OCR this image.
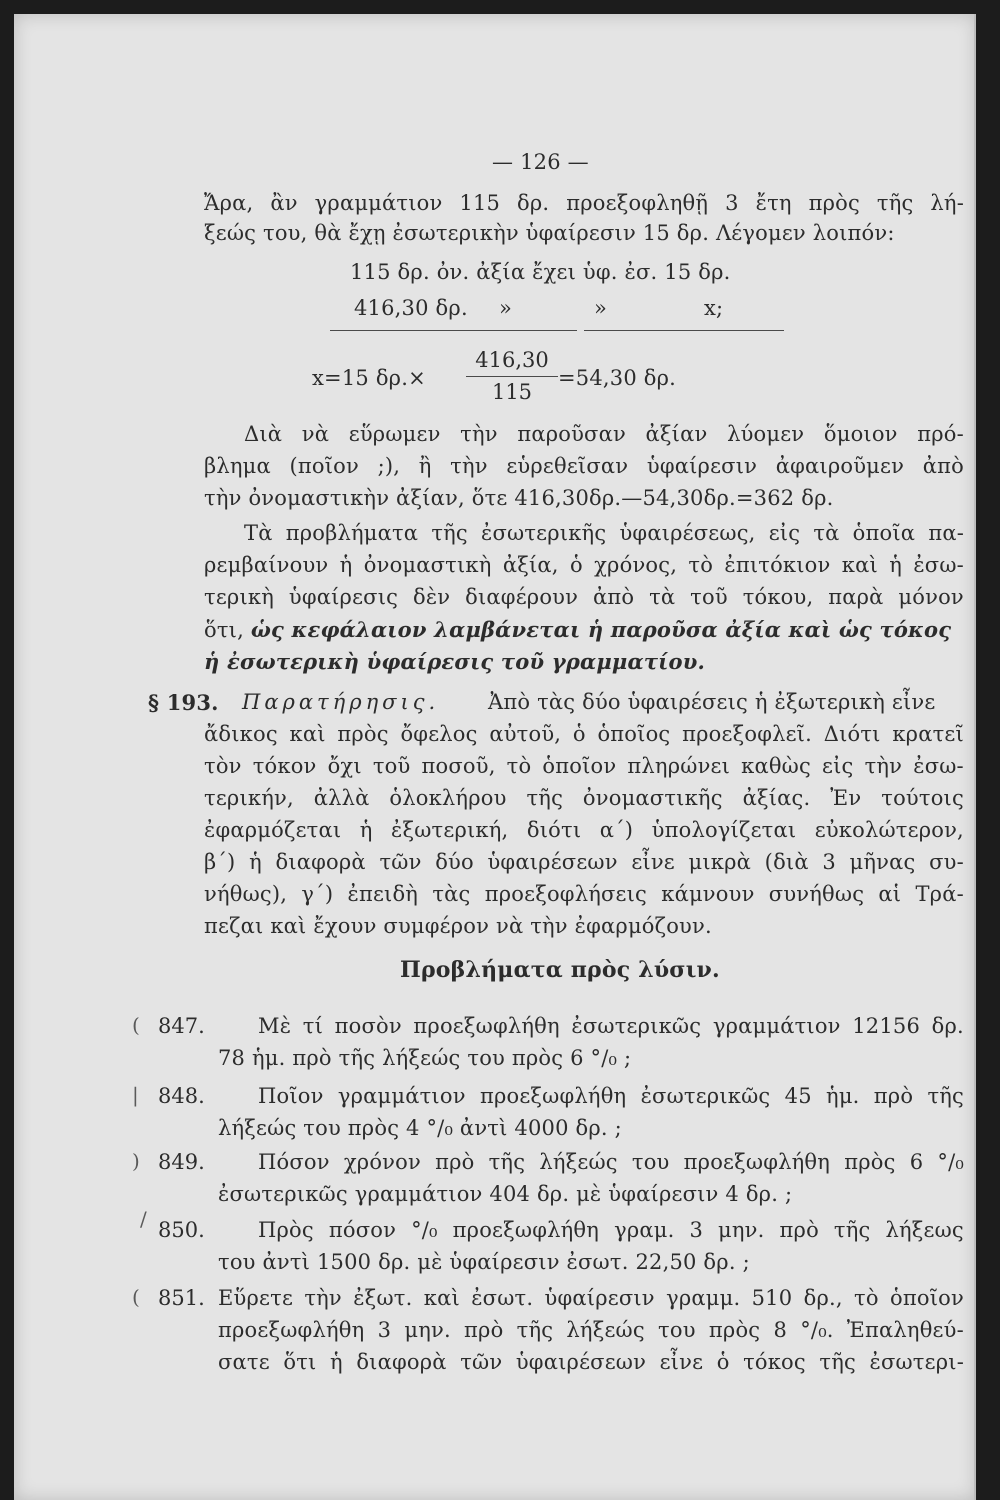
— 126 —
Ἄρα, ἂν γραμμάτιον 115 δρ. προεξοφληθῇ 3 ἔτη πρὸς τῆς λή-
ξεώς του, θὰ ἔχῃ ἐσωτερικὴν ὑφαίρεσιν 15 δρ. Λέγομεν λοιπόν:
115 δρ. ὀν. ἀξία ἔχει ὑφ. ἐσ. 15 δρ.
416,30 δρ. »	»	x;
x=15 δρ.×
416,30
115
=54,30 δρ.
Διὰ νὰ εὕρωμεν τὴν παροῦσαν ἀξίαν λύομεν ὅμοιον πρό-
βλημα (ποῖον ;), ἢ τὴν εὑρεθεῖσαν ὑφαίρεσιν ἀφαιροῦμεν ἀπὸ
τὴν ὀνομαστικὴν ἀξίαν, ὅτε 416,30δρ.—54,30δρ.=362 δρ.
Τὰ προβλήματα τῆς ἐσωτερικῆς ὑφαιρέσεως, εἰς τὰ ὁποῖα πα-
ρεμβαίνουν ἡ ὀνομαστικὴ ἀξία, ὁ χρόνος, τὸ ἐπιτόκιον καὶ ἡ ἐσω-
τερικὴ ὑφαίρεσις δὲν διαφέρουν ἀπὸ τὰ τοῦ τόκου, παρὰ μόνον
ὅτι, ὡς κεφάλαιον λαμβάνεται ἡ παροῦσα ἀξία καὶ ὡς τόκος
ἡ ἐσωτερικὴ ὑφαίρεσις τοῦ γραμματίου.
§ 193. Παρατήρησις. Ἀπὸ τὰς δύο ὑφαιρέσεις ἡ ἐξωτερικὴ εἶνε
ἄδικος καὶ πρὸς ὄφελος αὐτοῦ, ὁ ὁποῖος προεξοφλεῖ. Διότι κρατεῖ
τὸν τόκον ὄχι τοῦ ποσοῦ, τὸ ὁποῖον πληρώνει καθὼς εἰς τὴν ἐσω-
τερικήν, ἀλλὰ ὁλοκλήρου τῆς ὀνομαστικῆς ἀξίας. Ἐν τούτοις
ἐφαρμόζεται ἡ ἐξωτερική, διότι α΄) ὑπολογίζεται εὐκολώτερον,
β΄) ἡ διαφορὰ τῶν δύο ὑφαιρέσεων εἶνε μικρὰ (διὰ 3 μῆνας συ-
νήθως), γ΄) ἐπειδὴ τὰς προεξοφλήσεις κάμνουν συνήθως αἱ Τρά-
πεζαι καὶ ἔχουν συμφέρον νὰ τὴν ἐφαρμόζουν.
Προβλήματα πρὸς λύσιν.
( 847.	Μὲ τί ποσὸν προεξωφλήθη ἐσωτερικῶς γραμμάτιον 12156 δρ.
78 ἡμ. πρὸ τῆς λήξεώς του πρὸς 6 °/₀ ;
| 848.	Ποῖον γραμμάτιον προεξωφλήθη ἐσωτερικῶς 45 ἡμ. πρὸ τῆς
λήξεώς του πρὸς 4 °/₀ ἀντὶ 4000 δρ. ;
) 849.	Πόσον χρόνον πρὸ τῆς λήξεώς του προεξωφλήθη πρὸς 6 °/₀
ἐσωτερικῶς γραμμάτιον 404 δρ. μὲ ὑφαίρεσιν 4 δρ. ;
/ 850.	Πρὸς πόσον °/₀ προεξωφλήθη γραμ. 3 μην. πρὸ τῆς λήξεως
του ἀντὶ 1500 δρ. μὲ ὑφαίρεσιν ἐσωτ. 22,50 δρ. ;
( 851. Εὕρετε τὴν ἐξωτ. καὶ ἐσωτ. ὑφαίρεσιν γραμμ. 510 δρ., τὸ ὁποῖον
προεξωφλήθη 3 μην. πρὸ τῆς λήξεώς του πρὸς 8 °/₀. Ἐπαληθεύ-
σατε ὅτι ἡ διαφορὰ τῶν ὑφαιρέσεων εἶνε ὁ τόκος τῆς ἐσωτερι-
